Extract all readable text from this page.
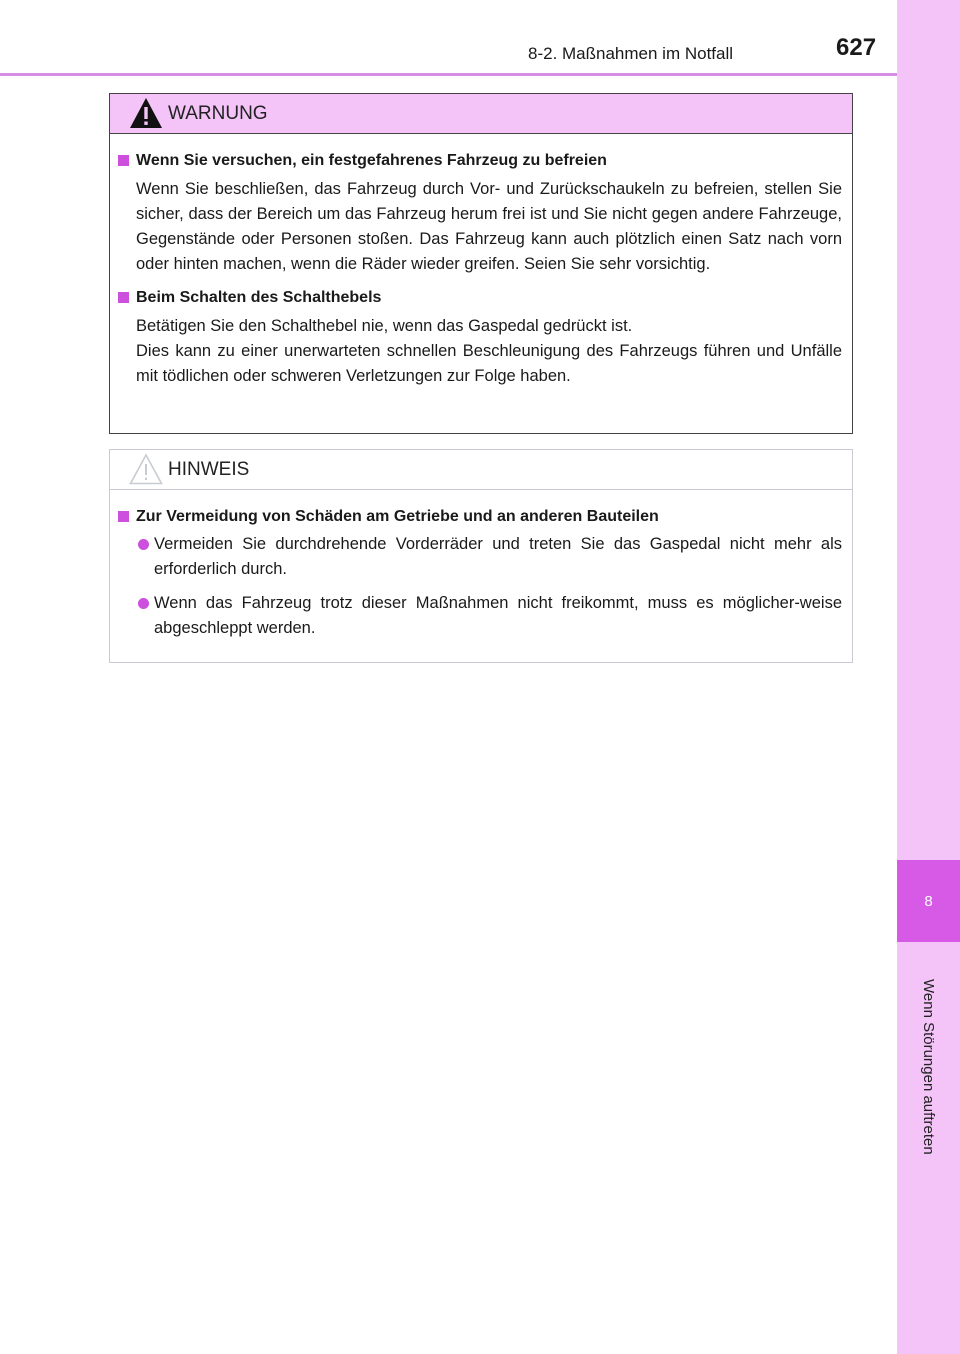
8
Wenn Störungen auftreten
8-2. Maßnahmen im Notfall	627
WARNUNG
Wenn Sie versuchen, ein festgefahrenes Fahrzeug zu befreien
Wenn Sie beschließen, das Fahrzeug durch Vor- und Zurückschaukeln zu befreien, stellen Sie sicher, dass der Bereich um das Fahrzeug herum frei ist und Sie nicht gegen andere Fahrzeuge, Gegenstände oder Personen stoßen. Das Fahrzeug kann auch plötzlich einen Satz nach vorn oder hinten machen, wenn die Räder wieder greifen. Seien Sie sehr vorsichtig.
Beim Schalten des Schalthebels
Betätigen Sie den Schalthebel nie, wenn das Gaspedal gedrückt ist.
Dies kann zu einer unerwarteten schnellen Beschleunigung des Fahrzeugs führen und Unfälle mit tödlichen oder schweren Verletzungen zur Folge haben.
HINWEIS
Zur Vermeidung von Schäden am Getriebe und an anderen Bauteilen
Vermeiden Sie durchdrehende Vorderräder und treten Sie das Gaspedal nicht mehr als erforderlich durch.
Wenn das Fahrzeug trotz dieser Maßnahmen nicht freikommt, muss es möglicher-weise abgeschleppt werden.
